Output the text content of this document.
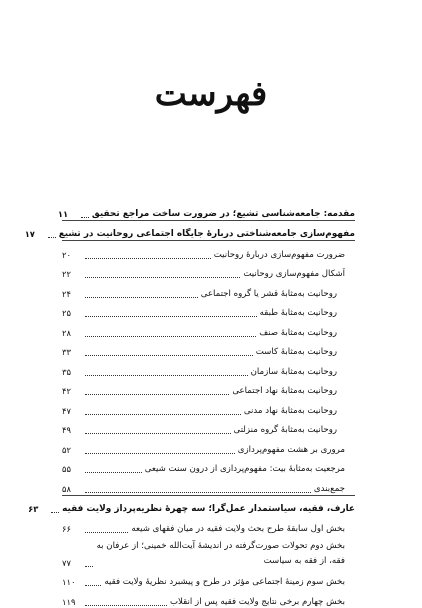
فهرست
مقدمه: جامعه‌شناسی تشیع؛ در ضرورت ساخت مراجع تحقیق
۱۱
مفهوم‌سازی جامعه‌شناختی دربارهٔ جایگاه اجتماعی روحانیت در تشیع
۱۷
ضرورت مفهوم‌سازی دربارهٔ روحانیت
۲۰
اَشکال مفهوم‌سازی روحانیت
۲۲
روحانیت به‌مثابهٔ قشر یا گروه اجتماعی
۲۴
روحانیت به‌مثابهٔ طبقه
۲۵
روحانیت به‌مثابهٔ صنف
۲۸
روحانیت به‌مثابهٔ کاست
۳۳
روحانیت به‌مثابهٔ سازمان
۳۵
روحانیت به‌مثابهٔ نهاد اجتماعی
۴۲
روحانیت به‌مثابهٔ نهاد مدنی
۴۷
روحانیت به‌مثابهٔ گروه منزلتی
۴۹
مروری بر هشت مفهوم‌پردازی
۵۲
مرجعیت به‌مثابهٔ بیت: مفهوم‌پردازی از درون سنت شیعی
۵۵
جمع‌بندی
۵۸
عارف، فقیه، سیاستمدار عمل‌گرا؛ سه چهرهٔ نظریه‌پرداز ولایت فقیه
۶۳
بخش اول سابقهٔ طرح بحث ولایت فقیه در میان فقهای شیعه
۶۶
بخش دوم تحولات صورت‌گرفته در اندیشهٔ آیت‌الله خمینی؛ از عرفان به فقه، از فقه به سیاست
۷۷
بخش سوم زمینهٔ اجتماعی مؤثر در طرح و پیشبرد نظریهٔ ولایت فقیه
۱۱۰
بخش چهارم برخی نتایج ولایت فقیه پس از انقلاب
۱۱۹
